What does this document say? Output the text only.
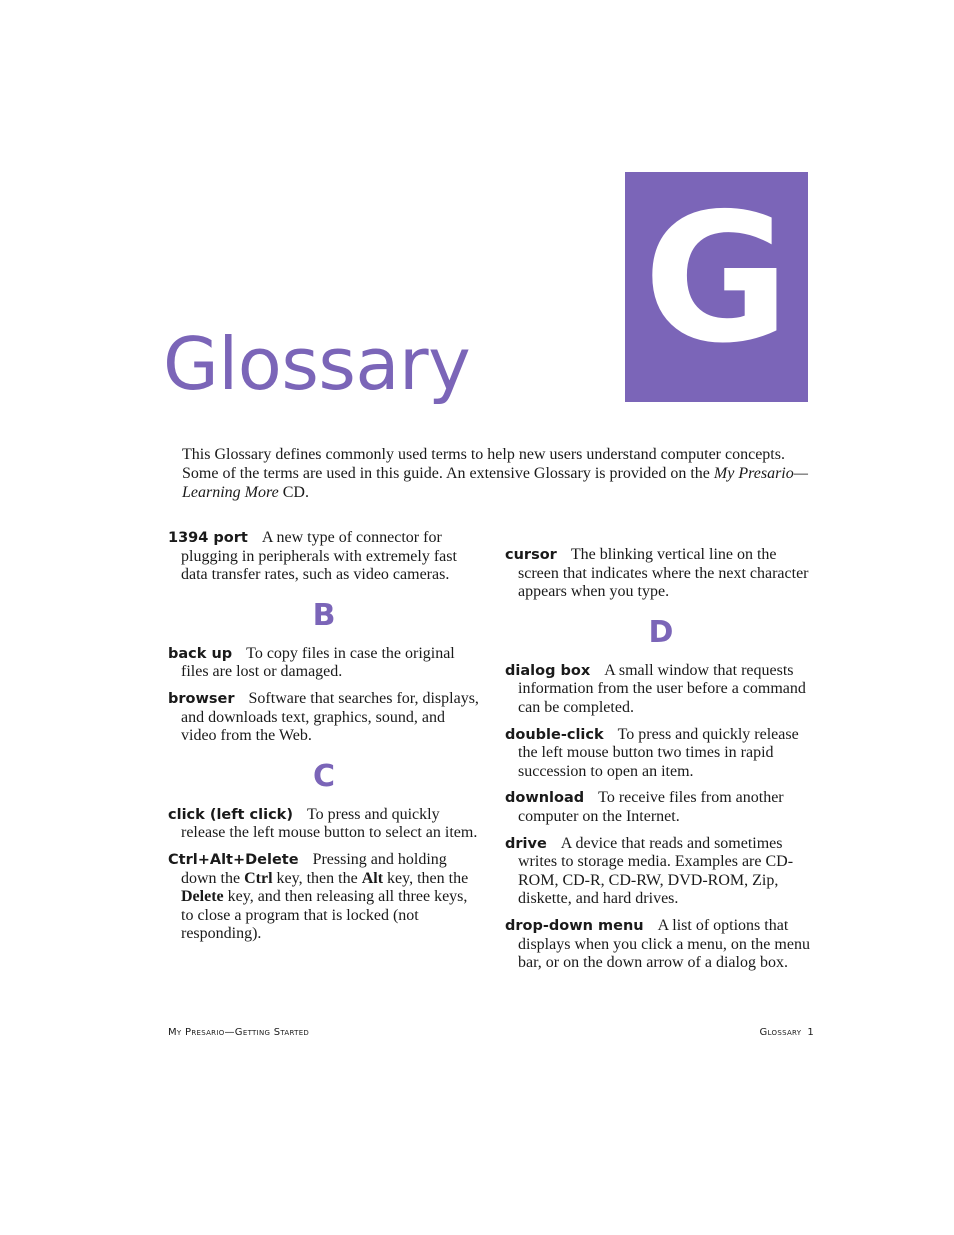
G
Glossary
This Glossary defines commonly used terms to help new users understand computer concepts. Some of the terms are used in this guide. An extensive Glossary is provided on the My Presario—Learning More CD.
1394 port A new type of connector for plugging in peripherals with extremely fast data transfer rates, such as video cameras.
B
back up To copy files in case the original files are lost or damaged.
browser Software that searches for, displays, and downloads text, graphics, sound, and video from the Web.
C
click (left click) To press and quickly release the left mouse button to select an item.
Ctrl+Alt+Delete Pressing and holding down the Ctrl key, then the Alt key, then the Delete key, and then releasing all three keys, to close a program that is locked (not responding).
cursor The blinking vertical line on the screen that indicates where the next character appears when you type.
D
dialog box A small window that requests information from the user before a command can be completed.
double-click To press and quickly release the left mouse button two times in rapid succession to open an item.
download To receive files from another computer on the Internet.
drive A device that reads and sometimes writes to storage media. Examples are CD-ROM, CD-R, CD-RW, DVD-ROM, Zip, diskette, and hard drives.
drop-down menu A list of options that displays when you click a menu, on the menu bar, or on the down arrow of a dialog box.
My Presario—Getting Started	Glossary 1
